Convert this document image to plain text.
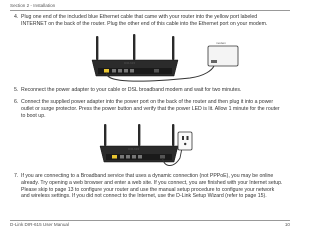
Section 2 - Installation
4. Plug one end of the included blue Ethernet cable that came with your router into the yellow port labeled INTERNET on the back of the router. Plug the other end of this cable into the Ethernet port on your modem.
DIR-615
modem
5. Reconnect the power adapter to your cable or DSL broadband modem and wait for two minutes.
6. Connect the supplied power adapter into the power port on the back of the router and then plug it into a power outlet or surge protector. Press the power button and verify that the power LED is lit. Allow 1 minute for the router to boot up.
DIR-615
7. If you are connecting to a Broadband service that uses a dynamic connection (not PPPoE), you may be online already. Try opening a web browser and enter a web site. If you connect, you are finished with your Internet setup. Please skip to page 13 to configure your router and use the manual setup procedure to configure your network and wireless settings. If you did not connect to the Internet, use the D-Link Setup Wizard (refer to page 15).
D-Link DIR-615 User Manual	10
